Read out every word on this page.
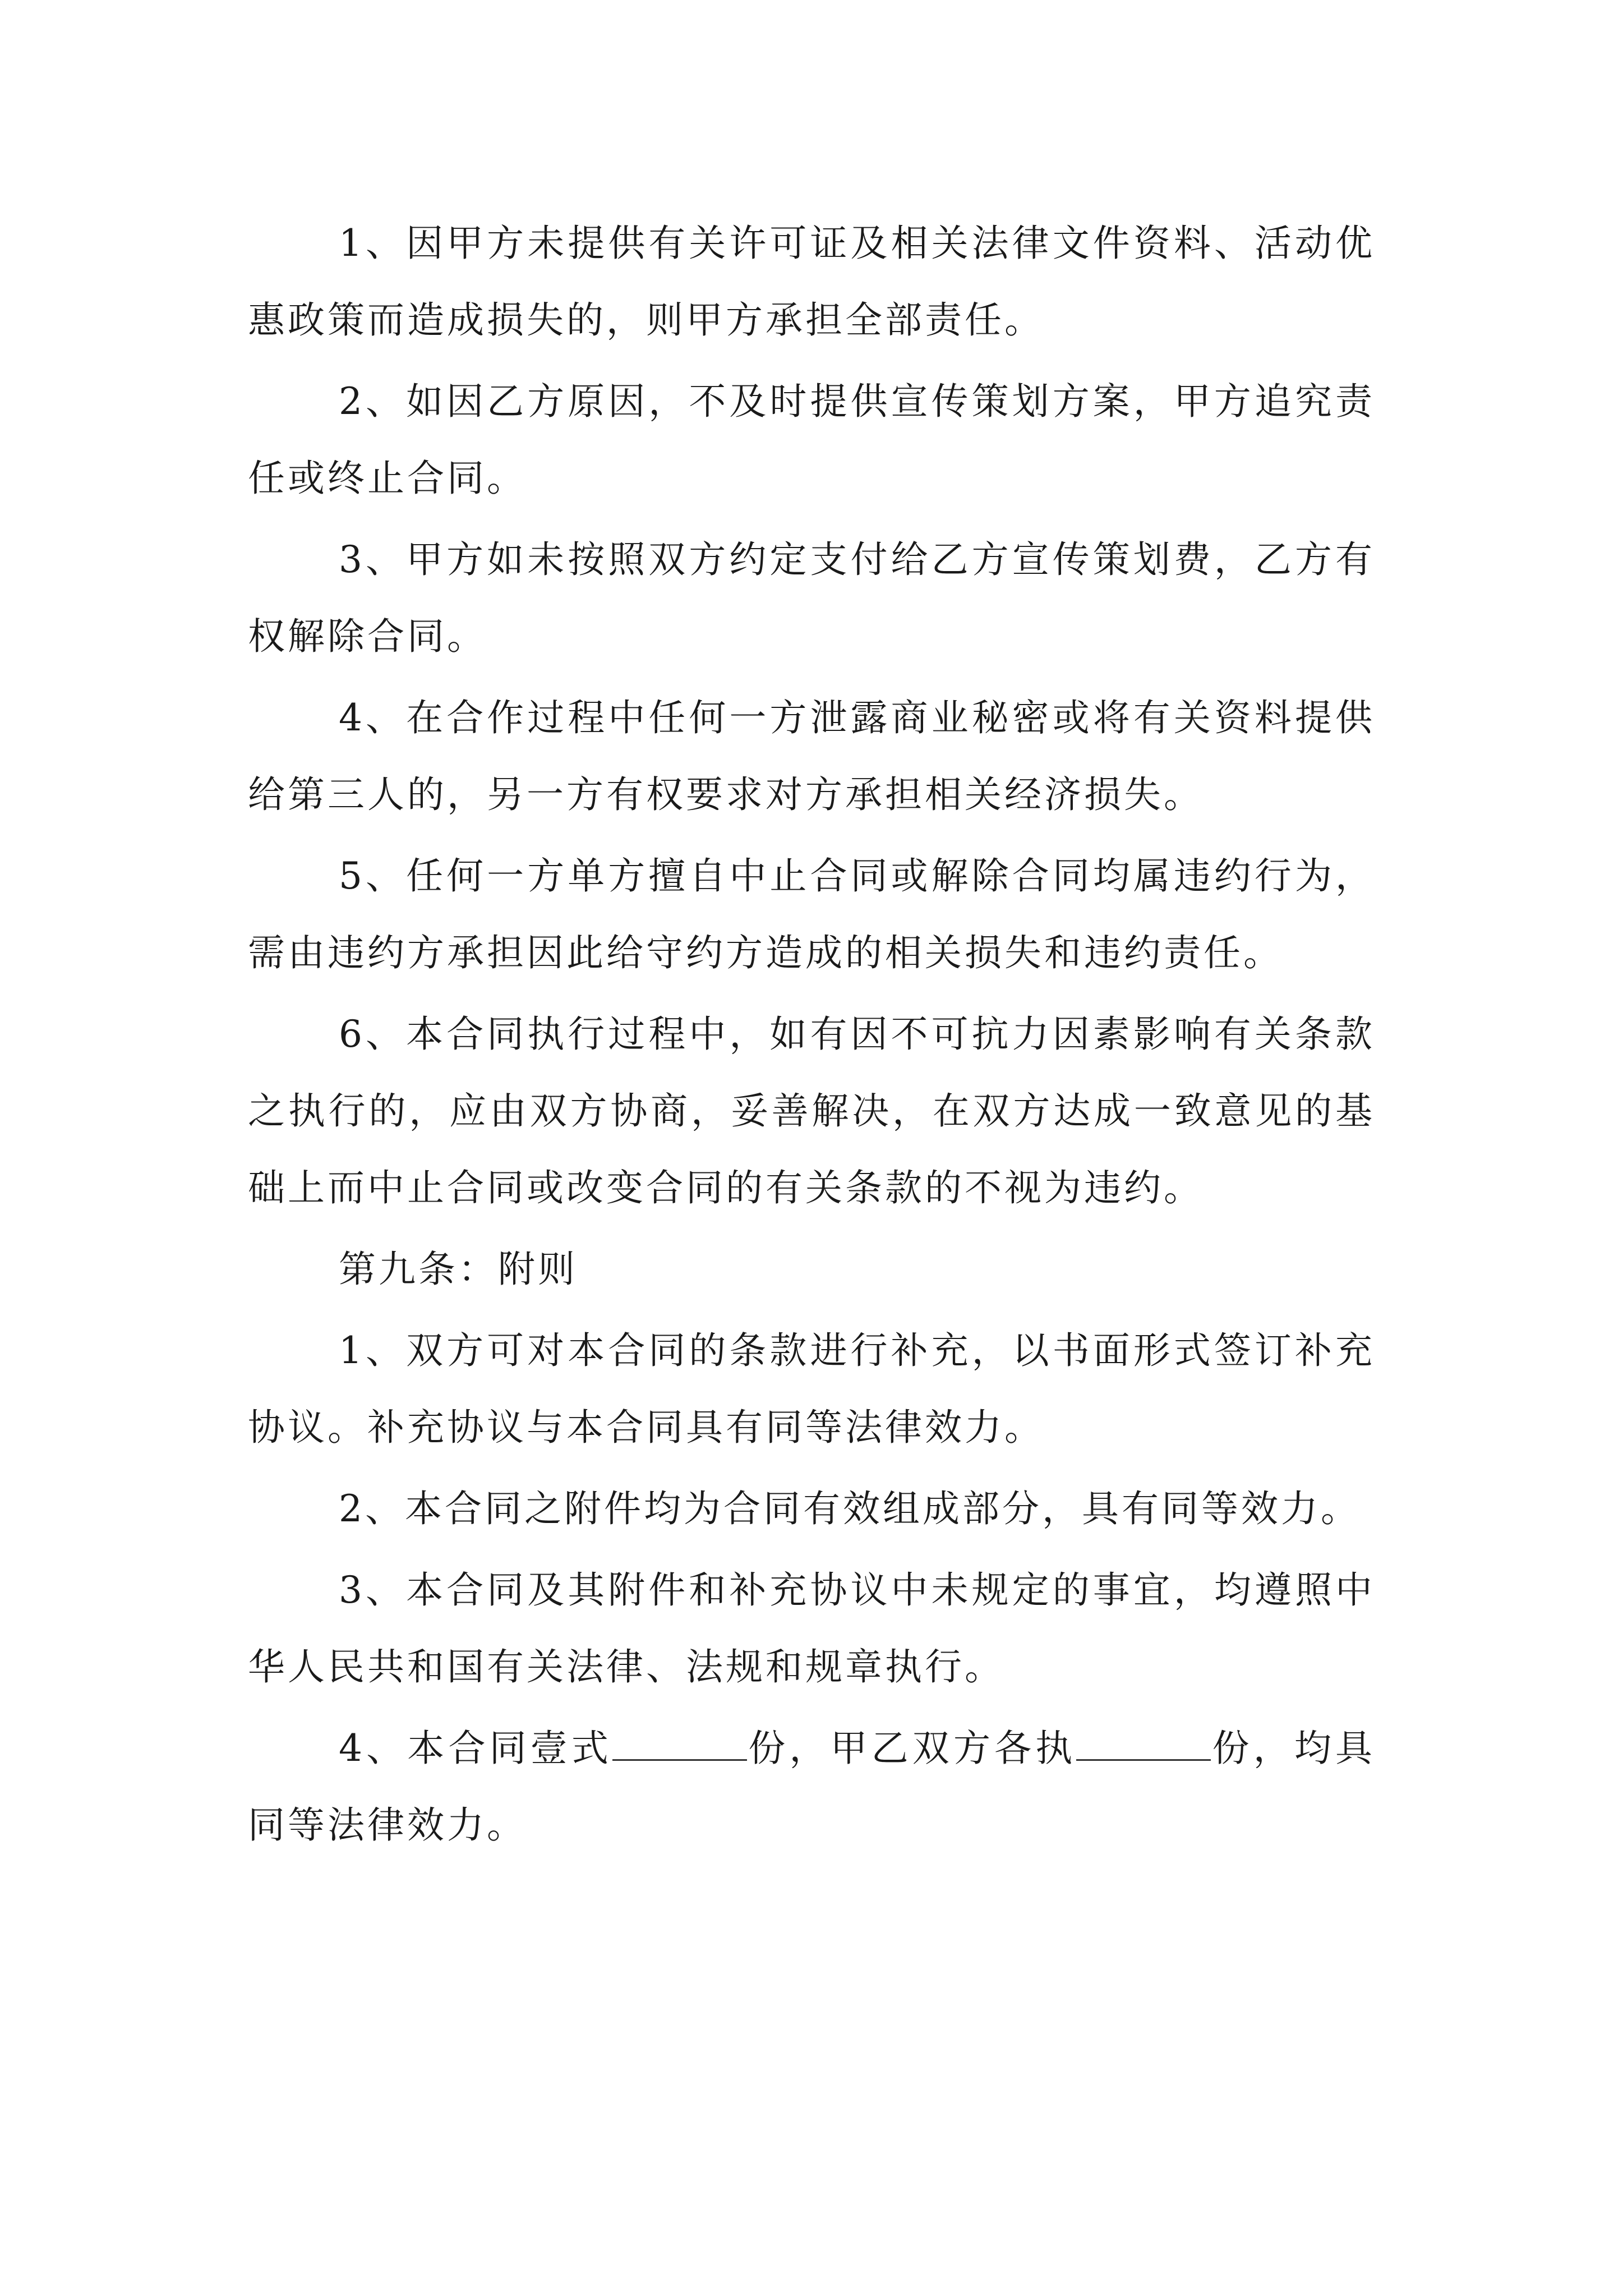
1、因甲方未提供有关许可证及相关法律文件资料、活动优惠政策而造成损失的，则甲方承担全部责任。

2、如因乙方原因，不及时提供宣传策划方案，甲方追究责任或终止合同。

3、甲方如未按照双方约定支付给乙方宣传策划费，乙方有权解除合同。

4、在合作过程中任何一方泄露商业秘密或将有关资料提供给第三人的，另一方有权要求对方承担相关经济损失。

5、任何一方单方擅自中止合同或解除合同均属违约行为，需由违约方承担因此给守约方造成的相关损失和违约责任。

6、本合同执行过程中，如有因不可抗力因素影响有关条款之执行的，应由双方协商，妥善解决，在双方达成一致意见的基础上而中止合同或改变合同的有关条款的不视为违约。

第九条：附则

1、双方可对本合同的条款进行补充，以书面形式签订补充协议。补充协议与本合同具有同等法律效力。

2、本合同之附件均为合同有效组成部分，具有同等效力。

3、本合同及其附件和补充协议中未规定的事宜，均遵照中华人民共和国有关法律、法规和规章执行。

4、本合同壹式	份，甲乙双方各执	份，均具同等法律效力。
